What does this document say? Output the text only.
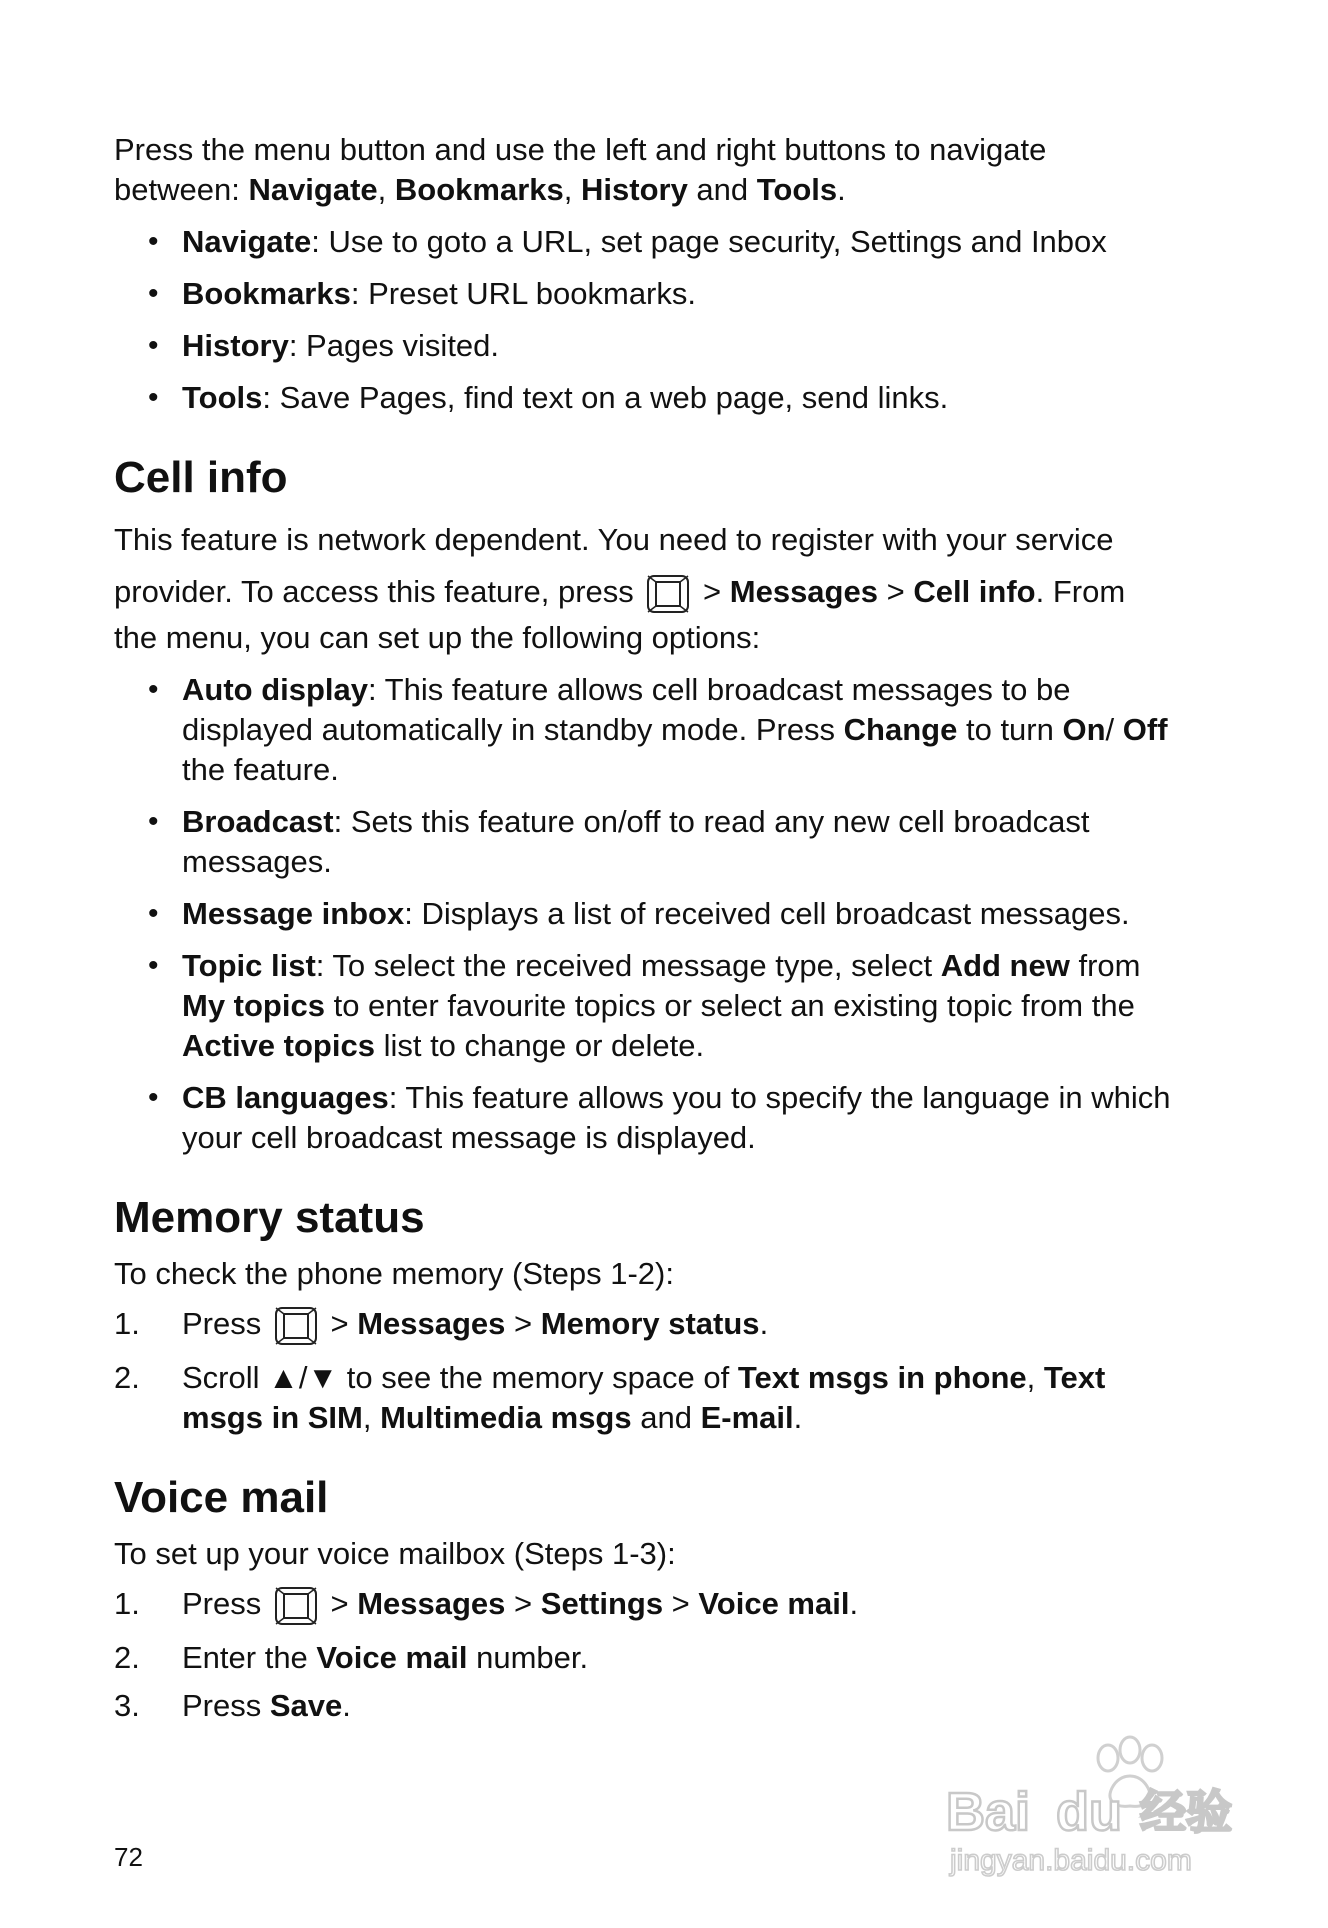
Press the menu button and use the left and right buttons to navigate

between: Navigate, Bookmarks, History and Tools.

• Navigate: Use to goto a URL, set page security, Settings and Inbox
• Bookmarks: Preset URL bookmarks.
• History: Pages visited.
• Tools: Save Pages, find text on a web page, send links.
Cell info

This feature is network dependent. You need to register with your service

provider. To access this feature, press  > Messages > Cell info. From

the menu, you can set up the following options:

• Auto display: This feature allows cell broadcast messages to be displayed automatically in standby mode. Press Change to turn On/ Off the feature.
• Broadcast: Sets this feature on/off to read any new cell broadcast messages.
• Message inbox: Displays a list of received cell broadcast messages.
• Topic list: To select the received message type, select Add new from My topics to enter favourite topics or select an existing topic from the Active topics list to change or delete.
• CB languages: This feature allows you to specify the language in which your cell broadcast message is displayed.
Memory status

To check the phone memory (Steps 1-2):

1. Press  > Messages > Memory status.
2. Scroll ▲/▼ to see the memory space of Text msgs in phone, Text msgs in SIM, Multimedia msgs and E-mail.
Voice mail

To set up your voice mailbox (Steps 1-3):

1. Press  > Messages > Settings > Voice mail.
2. Enter the Voice mail number.
3. Press Save.
72
Bai du 经验
jingyan.baidu.com
